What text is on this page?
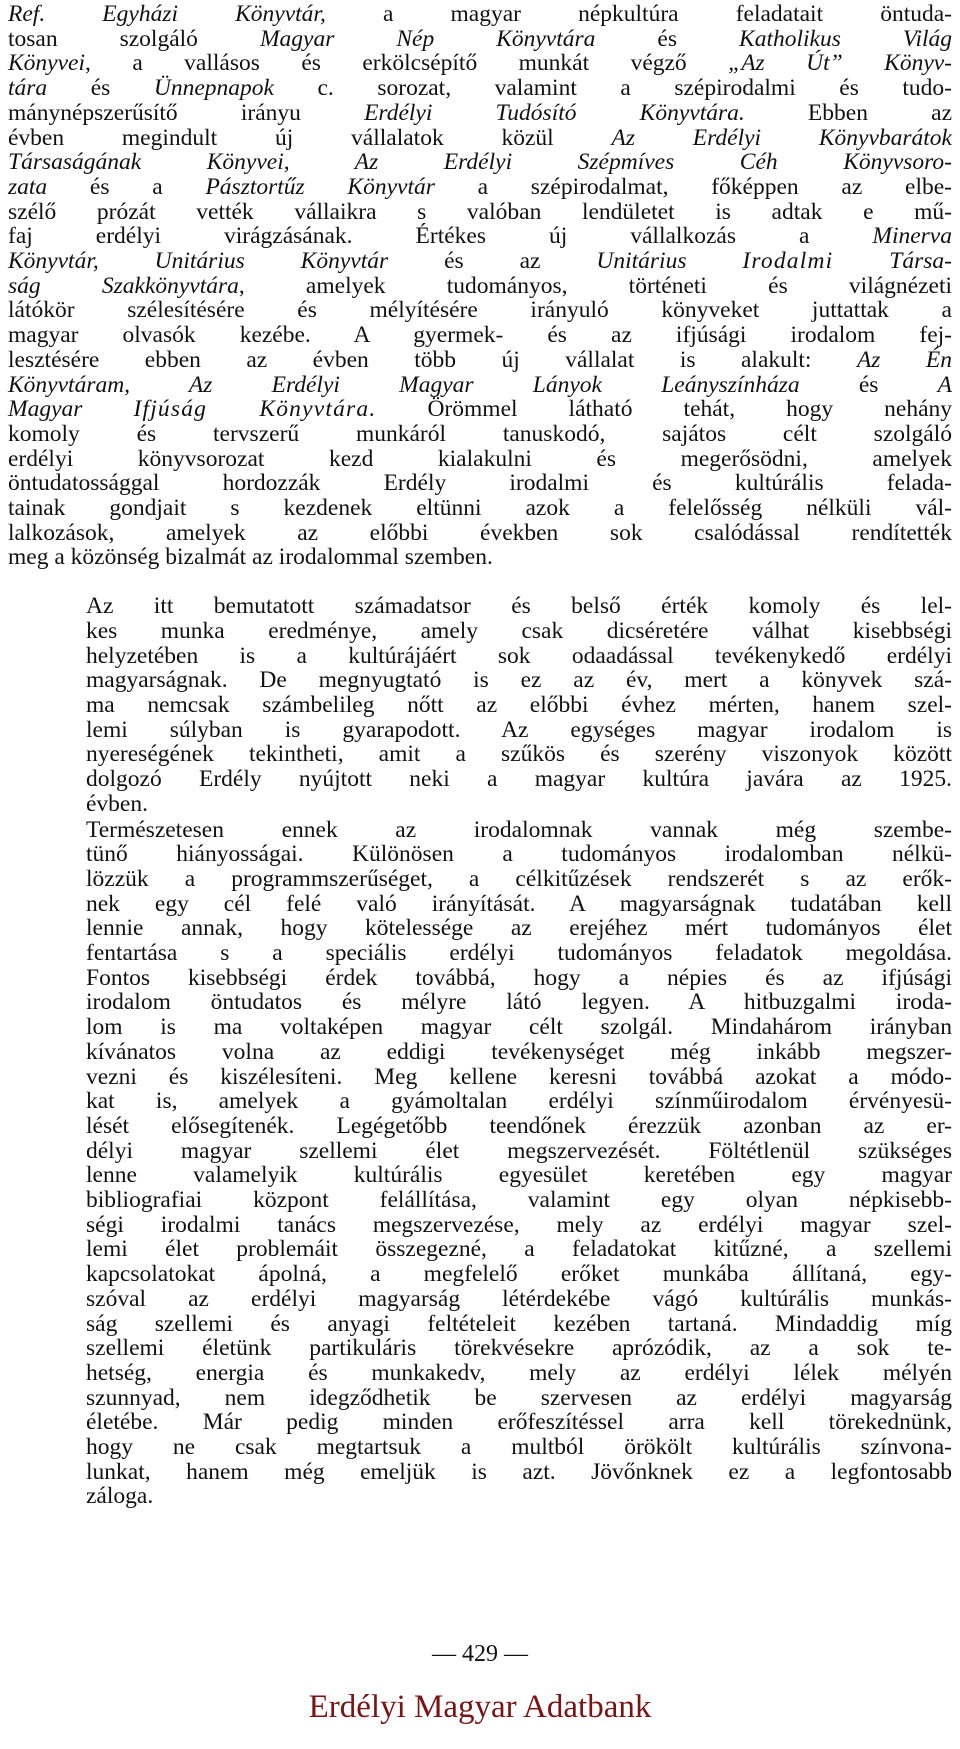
Ref. Egyházi Könyvtár, a magyar népkultúra feladatait öntuda-
tosan szolgáló Magyar Nép Könyvtára és Katholikus Világ
Könyvei, a vallásos és erkölcsépítő munkát végző „Az Út” Könyv-
tára és Ünnepnapok c. sorozat, valamint a szépirodalmi és tudo-
mánynépszerűsítő irányu Erdélyi Tudósító Könyvtára. Ebben az
évben megindult új vállalatok közül Az Erdélyi Könyvbarátok
Társaságának Könyvei, Az Erdélyi Szépmíves Céh Könyvsoro-
zata és a Pásztortűz Könyvtár a szépirodalmat, főképpen az elbe-
szélő prózát vették vállaikra s valóban lendületet is adtak e mű-
faj erdélyi virágzásának. Értékes új vállalkozás a Minerva
Könyvtár, Unitárius Könyvtár és az Unitárius Irodalmi Társa-
ság Szakkönyvtára, amelyek tudományos, történeti és világnézeti
látókör szélesítésére és mélyítésére irányuló könyveket juttattak a
magyar olvasók kezébe. A gyermek- és az ifjúsági irodalom fej-
lesztésére ebben az évben több új vállalat is alakult: Az Én
Könyvtáram, Az Erdélyi Magyar Lányok Leányszínháza és A
Magyar Ifjúság Könyvtára. Örömmel látható tehát, hogy nehány
komoly és tervszerű munkáról tanuskodó, sajátos célt szolgáló
erdélyi könyvsorozat kezd kialakulni és megerősödni, amelyek
öntudatossággal hordozzák Erdély irodalmi és kultúrális felada-
tainak gondjait s kezdenek eltünni azok a felelősség nélküli vál-
lalkozások, amelyek az előbbi években sok csalódással rendítették
meg a közönség bizalmát az irodalommal szemben.

Az itt bemutatott számadatsor és belső érték komoly és lel-
kes munka eredménye, amely csak dicséretére válhat kisebbségi
helyzetében is a kultúrájáért sok odaadással tevékenykedő erdélyi
magyarságnak. De megnyugtató is ez az év, mert a könyvek szá-
ma nemcsak számbelileg nőtt az előbbi évhez mérten, hanem szel-
lemi súlyban is gyarapodott. Az egységes magyar irodalom is
nyereségének tekintheti, amit a szűkös és szerény viszonyok között
dolgozó Erdély nyújtott neki a magyar kultúra javára az 1925.
évben.

Természetesen ennek az irodalomnak vannak még szembe-
tünő hiányosságai. Különösen a tudományos irodalomban nélkü-
lözzük a programmszerűséget, a célkitűzések rendszerét s az erők-
nek egy cél felé való irányítását. A magyarságnak tudatában kell
lennie annak, hogy kötelessége az erejéhez mért tudományos élet
fentartása s a speciális erdélyi tudományos feladatok megoldása.
Fontos kisebbségi érdek továbbá, hogy a népies és az ifjúsági
irodalom öntudatos és mélyre látó legyen. A hitbuzgalmi iroda-
lom is ma voltaképen magyar célt szolgál. Mindahárom irányban
kívánatos volna az eddigi tevékenységet még inkább megszer-
vezni és kiszélesíteni. Meg kellene keresni továbbá azokat a módo-
kat is, amelyek a gyámoltalan erdélyi színműirodalom érvényesü-
lését elősegítenék. Legégetőbb teendőnek érezzük azonban az er-
délyi magyar szellemi élet megszervezését. Föltétlenül szükséges
lenne valamelyik kultúrális egyesület keretében egy magyar
bibliografiai központ felállítása, valamint egy olyan népkisebb-
ségi irodalmi tanács megszervezése, mely az erdélyi magyar szel-
lemi élet problemáit összegezné, a feladatokat kitűzné, a szellemi
kapcsolatokat ápolná, a megfelelő erőket munkába állítaná, egy-
szóval az erdélyi magyarság létérdekébe vágó kultúrális munkás-
ság szellemi és anyagi feltételeit kezében tartaná. Mindaddig míg
szellemi életünk partikuláris törekvésekre aprózódik, az a sok te-
hetség, energia és munkakedv, mely az erdélyi lélek mélyén
szunnyad, nem idegződhetik be szervesen az erdélyi magyarság
életébe. Már pedig minden erőfeszítéssel arra kell törekednünk,
hogy ne csak megtartsuk a multból örökölt kultúrális színvona-
lunkat, hanem még emeljük is azt. Jövőnknek ez a legfontosabb
záloga.

— 429 —
Erdélyi Magyar Adatbank
